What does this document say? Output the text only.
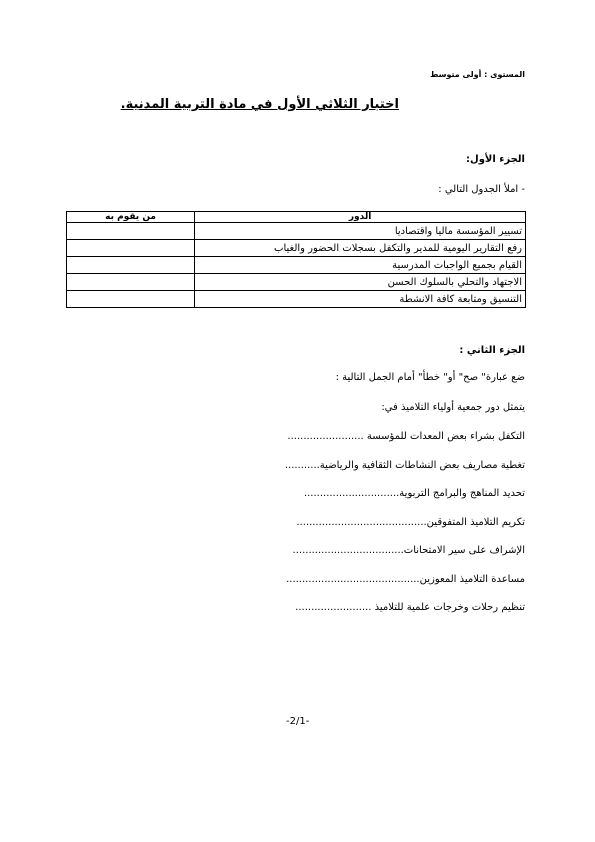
المستوى : أولى متوسط
اختبار الثلاثي الأول في مادة التربية المدنية.
الجزء الأول:
- املأ الجدول التالي :
الدور	من يقوم به
تسيير المؤسسة ماليا واقتصاديا	
رفع التقارير اليومية للمدير والتكفل بسجلات الحضور والغياب	
القيام بجميع الواجبات المدرسية	
الاجتهاد والتحلي بالسلوك الحسن	
التنسيق ومتابعة كافة الانشطة	
الجزء الثاني :
ضع عبارة" صح" أو" خطأ" أمام الجمل التالية :
يتمثل دور جمعية أولياء التلاميذ في:
التكفل بشراء بعض المعدات للمؤسسة ........................
تغطية مصاريف بعض النشاطات الثقافية والرياضية...........
تحديد المناهج والبرامج التربوية..............................
تكريم التلاميذ المتفوقين.........................................
الإشراف على سير الامتحانات...................................
مساعدة التلاميذ المعوزين..........................................
تنظيم رحلات وخرجات علمية للتلاميذ ........................
-2/1-
